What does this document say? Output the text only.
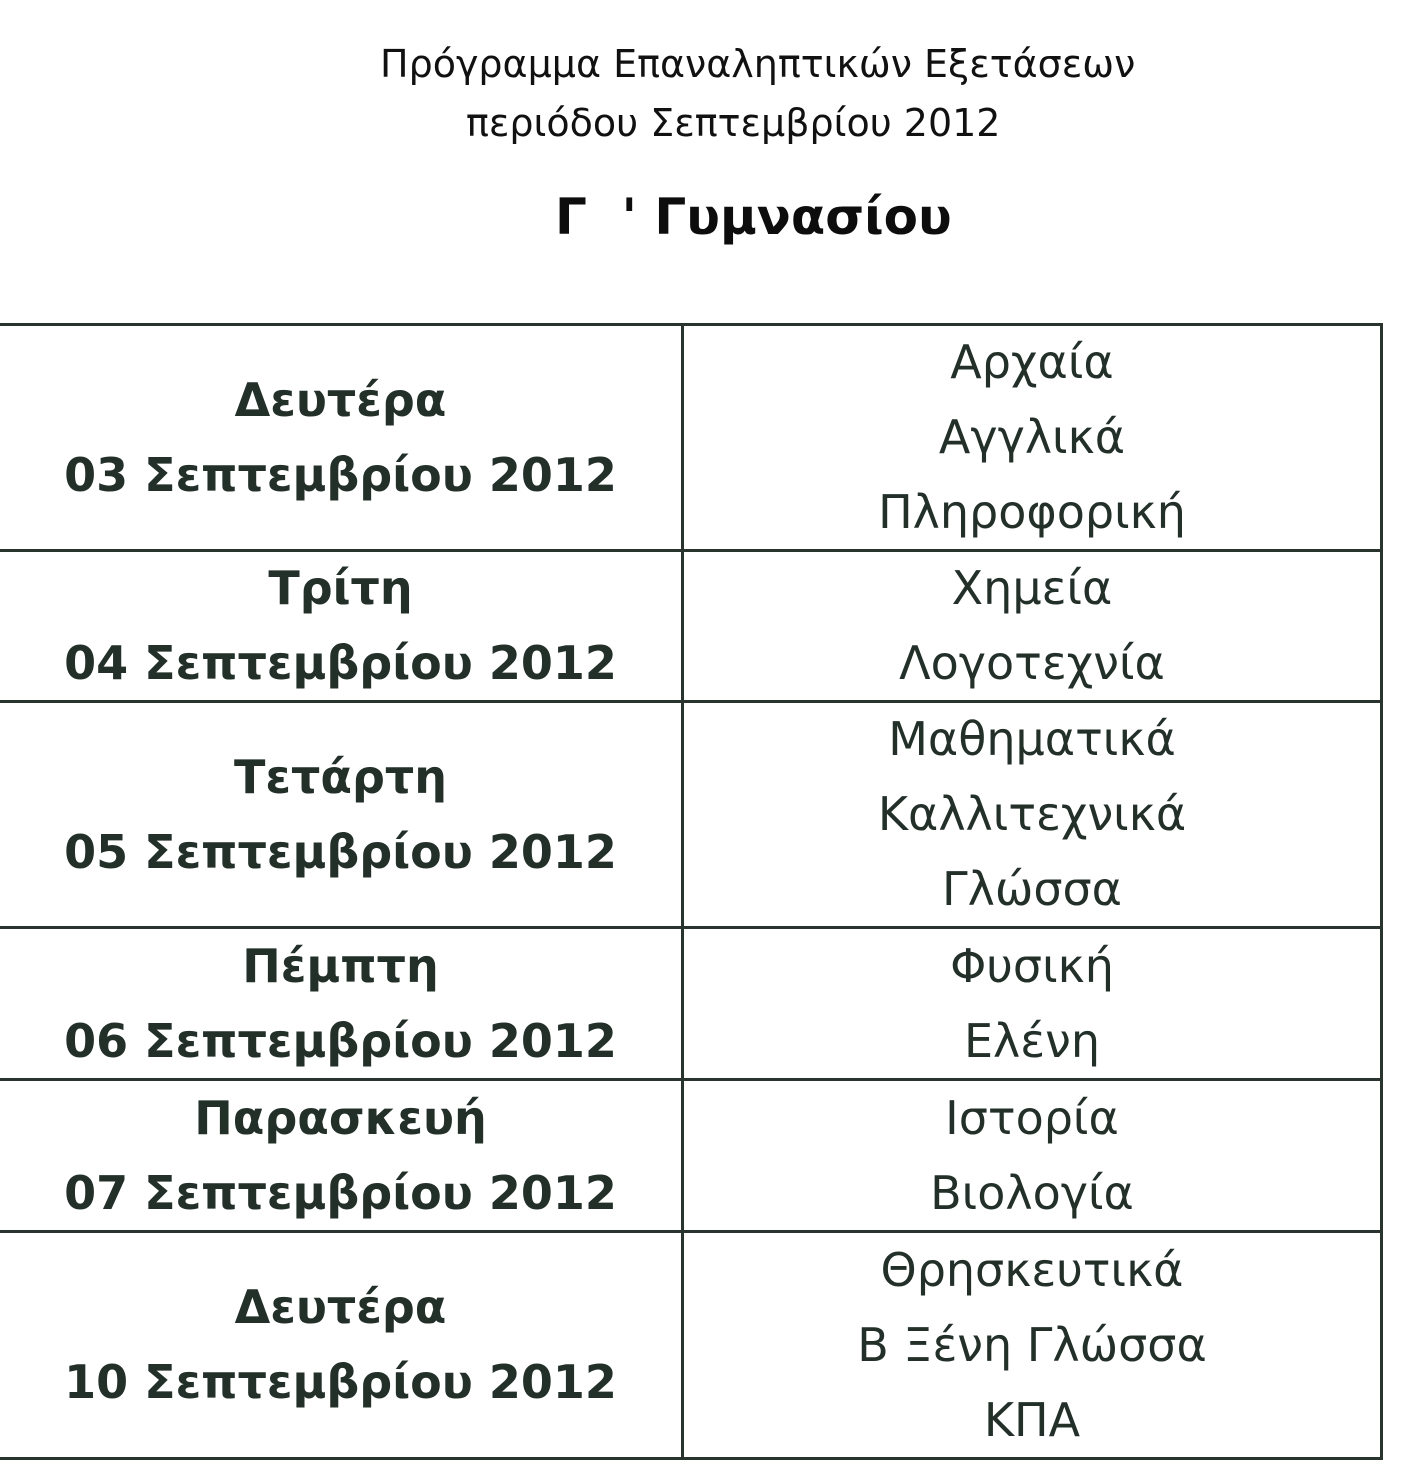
Πρόγραμμα Επαναληπτικών Εξετάσεων
περιόδου Σεπτεμβρίου 2012
Γ  ' Γυμνασίου
Δευτέρα
03 Σεπτεμβρίου 2012
Αρχαία
Αγγλικά
Πληροφορική
Τρίτη
04 Σεπτεμβρίου 2012
Χημεία
Λογοτεχνία
Τετάρτη
05 Σεπτεμβρίου 2012
Μαθηματικά
Καλλιτεχνικά
Γλώσσα
Πέμπτη
06 Σεπτεμβρίου 2012
Φυσική
Ελένη
Παρασκευή
07 Σεπτεμβρίου 2012
Ιστορία
Βιολογία
Δευτέρα
10 Σεπτεμβρίου 2012
Θρησκευτικά
Β Ξένη Γλώσσα
ΚΠΑ
